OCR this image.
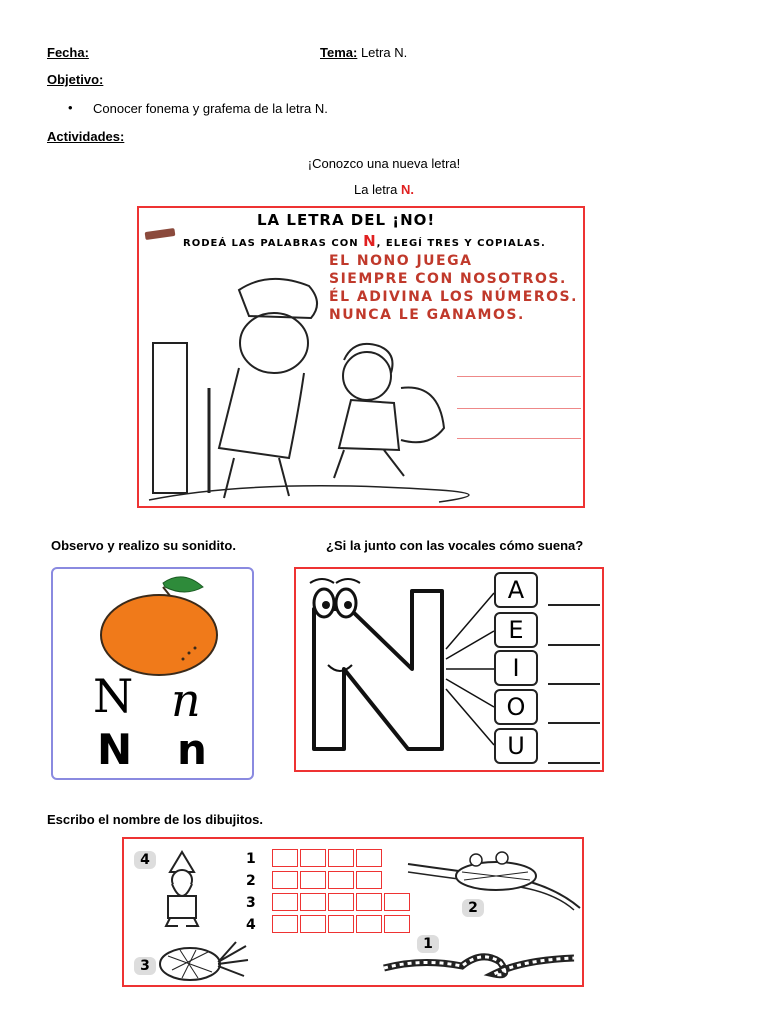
Fecha:	Tema: Letra N.
Objetivo:
• Conocer fonema y grafema de la letra N.
Actividades:
¡Conozco una nueva letra!
La letra N.
LA LETRA DEL ¡NO!
RODEÁ LAS PALABRAS CON N, ELEGÍ TRES Y COPIALAS.
EL NONO JUEGA
SIEMPRE CON NOSOTROS.
ÉL ADIVINA LOS NÚMEROS.
NUNCA LE GANAMOS.
Observo y realizo su sonidito.	¿Si la junto con las vocales cómo suena?
N n
N n
A
E
I
O
U
Escribo el nombre de los dibujitos.
4
3
1
2
3
4
2
1
